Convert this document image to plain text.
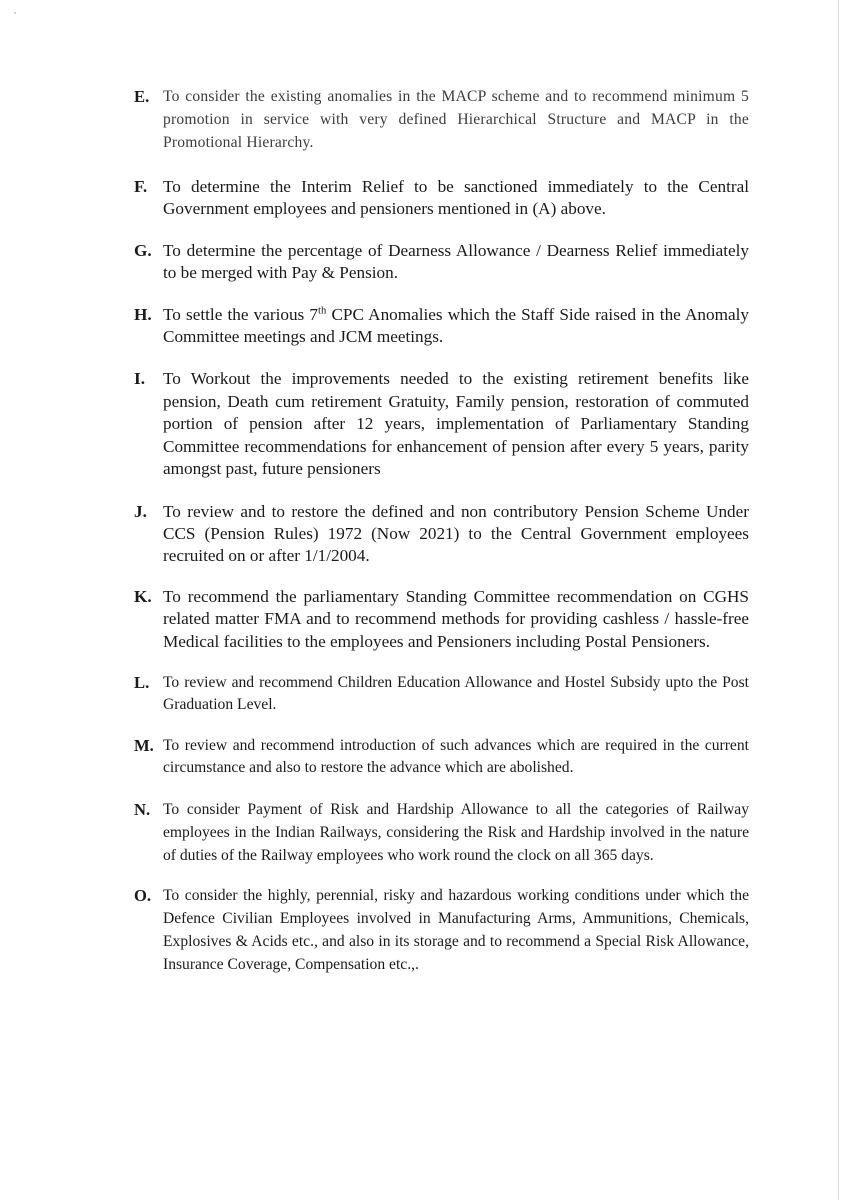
E. To consider the existing anomalies in the MACP scheme and to recommend minimum 5 promotion in service with very defined Hierarchical Structure and MACP in the Promotional Hierarchy.
F. To determine the Interim Relief to be sanctioned immediately to the Central Government employees and pensioners mentioned in (A) above.
G. To determine the percentage of Dearness Allowance / Dearness Relief immediately to be merged with Pay & Pension.
H. To settle the various 7th CPC Anomalies which the Staff Side raised in the Anomaly Committee meetings and JCM meetings.
I.	To Workout the improvements needed to the existing retirement benefits like pension, Death cum retirement Gratuity, Family pension, restoration of commuted portion of pension after 12 years, implementation of Parliamentary Standing Committee recommendations for enhancement of pension after every 5 years, parity amongst past, future pensioners
J. To review and to restore the defined and non contributory Pension Scheme Under CCS (Pension Rules) 1972 (Now 2021) to the Central Government employees recruited on or after 1/1/2004.
K. To recommend the parliamentary Standing Committee recommendation on CGHS related matter FMA and to recommend methods for providing cashless / hassle-free Medical facilities to the employees and Pensioners including Postal Pensioners.
L. To review and recommend Children Education Allowance and Hostel Subsidy upto the Post Graduation Level.
M. To review and recommend introduction of such advances which are required in the current circumstance and also to restore the advance which are abolished.
N. To consider Payment of Risk and Hardship Allowance to all the categories of Railway employees in the Indian Railways, considering the Risk and Hardship involved in the nature of duties of the Railway employees who work round the clock on all 365 days.
O. To consider the highly, perennial, risky and hazardous working conditions under which the Defence Civilian Employees involved in Manufacturing Arms, Ammunitions, Chemicals, Explosives & Acids etc., and also in its storage and to recommend a Special Risk Allowance, Insurance Coverage, Compensation etc.,.
